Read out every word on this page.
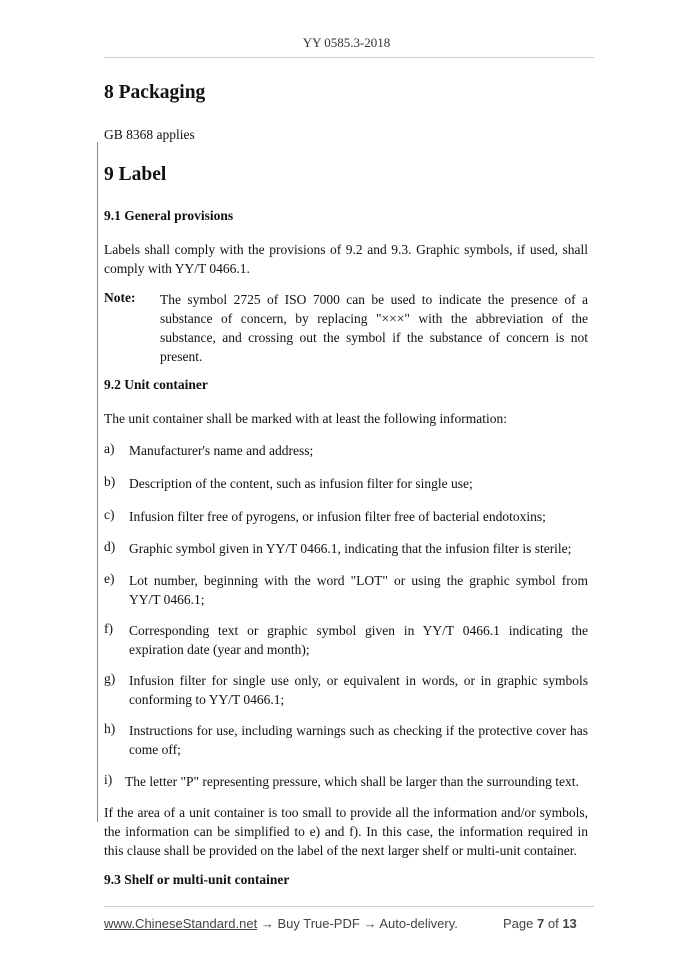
YY 0585.3-2018
8 Packaging
GB 8368 applies
9 Label
9.1 General provisions
Labels shall comply with the provisions of 9.2 and 9.3. Graphic symbols, if used, shall comply with YY/T 0466.1.
Note: The symbol 2725 of ISO 7000 can be used to indicate the presence of a substance of concern, by replacing "×××" with the abbreviation of the substance, and crossing out the symbol if the substance of concern is not present.
9.2 Unit container
The unit container shall be marked with at least the following information:
a) Manufacturer's name and address;
b) Description of the content, such as infusion filter for single use;
c) Infusion filter free of pyrogens, or infusion filter free of bacterial endotoxins;
d) Graphic symbol given in YY/T 0466.1, indicating that the infusion filter is sterile;
e) Lot number, beginning with the word "LOT" or using the graphic symbol from YY/T 0466.1;
f) Corresponding text or graphic symbol given in YY/T 0466.1 indicating the expiration date (year and month);
g) Infusion filter for single use only, or equivalent in words, or in graphic symbols conforming to YY/T 0466.1;
h) Instructions for use, including warnings such as checking if the protective cover has come off;
i) The letter "P" representing pressure, which shall be larger than the surrounding text.
If the area of a unit container is too small to provide all the information and/or symbols, the information can be simplified to e) and f). In this case, the information required in this clause shall be provided on the label of the next larger shelf or multi-unit container.
9.3 Shelf or multi-unit container
www.ChineseStandard.net → Buy True-PDF → Auto-delivery.	Page 7 of 13
